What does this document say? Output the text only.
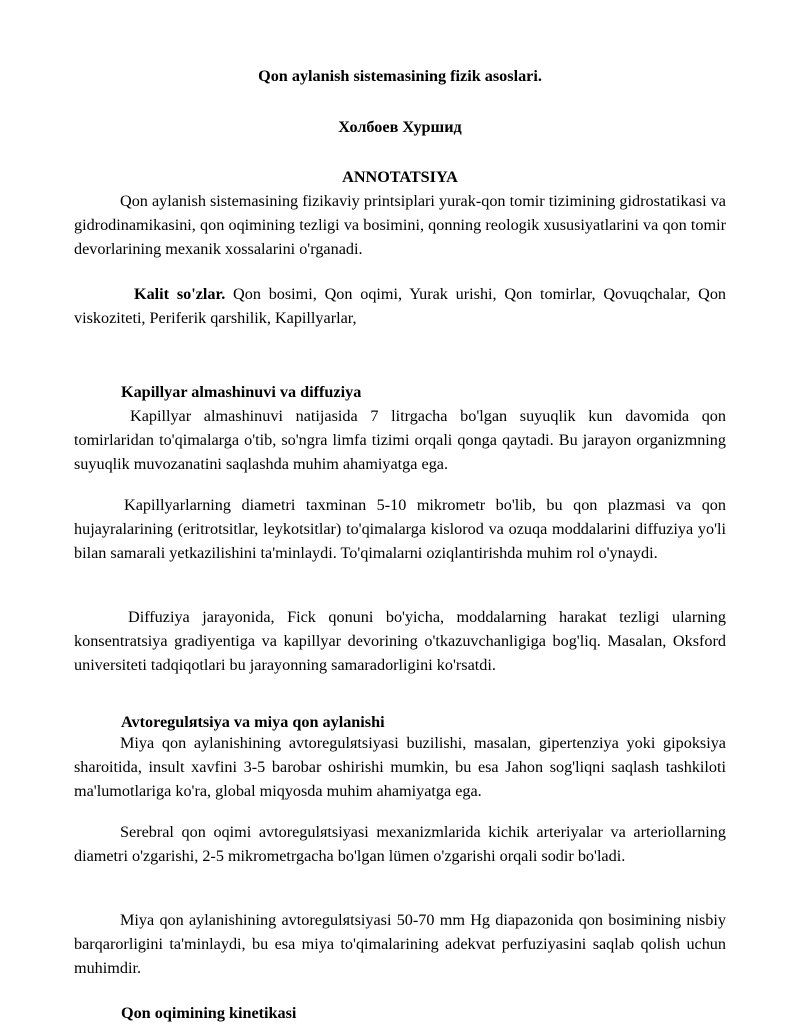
Qon aylanish sistemasining fizik asoslari.
Холбоев Хуршид
ANNOTATSIYA

Qon aylanish sistemasining fizikaviy printsiplari yurak-qon tomir tizimining gidrostatikasi va gidrodinamikasini, qon oqimining tezligi va bosimini, qonning reologik xususiyatlarini va qon tomir devorlarining mexanik xossalarini o'rganadi.

Kalit so'zlar. Qon bosimi, Qon oqimi, Yurak urishi, Qon tomirlar, Qovuqchalar, Qon viskoziteti, Periferik qarshilik, Kapillyarlar,

Kapillyar almashinuvi va diffuziya

Kapillyar almashinuvi natijasida 7 litrgacha bo'lgan suyuqlik kun davomida qon tomirlaridan to'qimalarga o'tib, so'ngra limfa tizimi orqali qonga qaytadi. Bu jarayon organizmning suyuqlik muvozanatini saqlashda muhim ahamiyatga ega.

Kapillyarlarning diametri taxminan 5-10 mikrometr bo'lib, bu qon plazmasi va qon hujayralarining (eritrotsitlar, leykotsitlar) to'qimalarga kislorod va ozuqa moddalarini diffuziya yo'li bilan samarali yetkazilishini ta'minlaydi. To'qimalarni oziqlantirishda muhim rol o'ynaydi.

Diffuziya jarayonida, Fick qonuni bo'yicha, moddalarning harakat tezligi ularning konsentratsiya gradiyentiga va kapillyar devorining o'tkazuvchanligiga bog'liq. Masalan, Oksford universiteti tadqiqotlari bu jarayonning samaradorligini ko'rsatdi.

Avtoregulяtsiya va miya qon aylanishi

Miya qon aylanishining avtoregulяtsiyasi buzilishi, masalan, gipertenziya yoki gipoksiya sharoitida, insult xavfini 3-5 barobar oshirishi mumkin, bu esa Jahon sog'liqni saqlash tashkiloti ma'lumotlariga ko'ra, global miqyosda muhim ahamiyatga ega.

Serebral qon oqimi avtoregulяtsiyasi mexanizmlarida kichik arteriyalar va arteriollarning diametri o'zgarishi, 2-5 mikrometrgacha bo'lgan lümen o'zgarishi orqali sodir bo'ladi.

Miya qon aylanishining avtoregulяtsiyasi 50-70 mm Hg diapazonida qon bosimining nisbiy barqarorligini ta'minlaydi, bu esa miya to'qimalarining adekvat perfuziyasini saqlab qolish uchun muhimdir.

Qon oqimining kinetikasi
